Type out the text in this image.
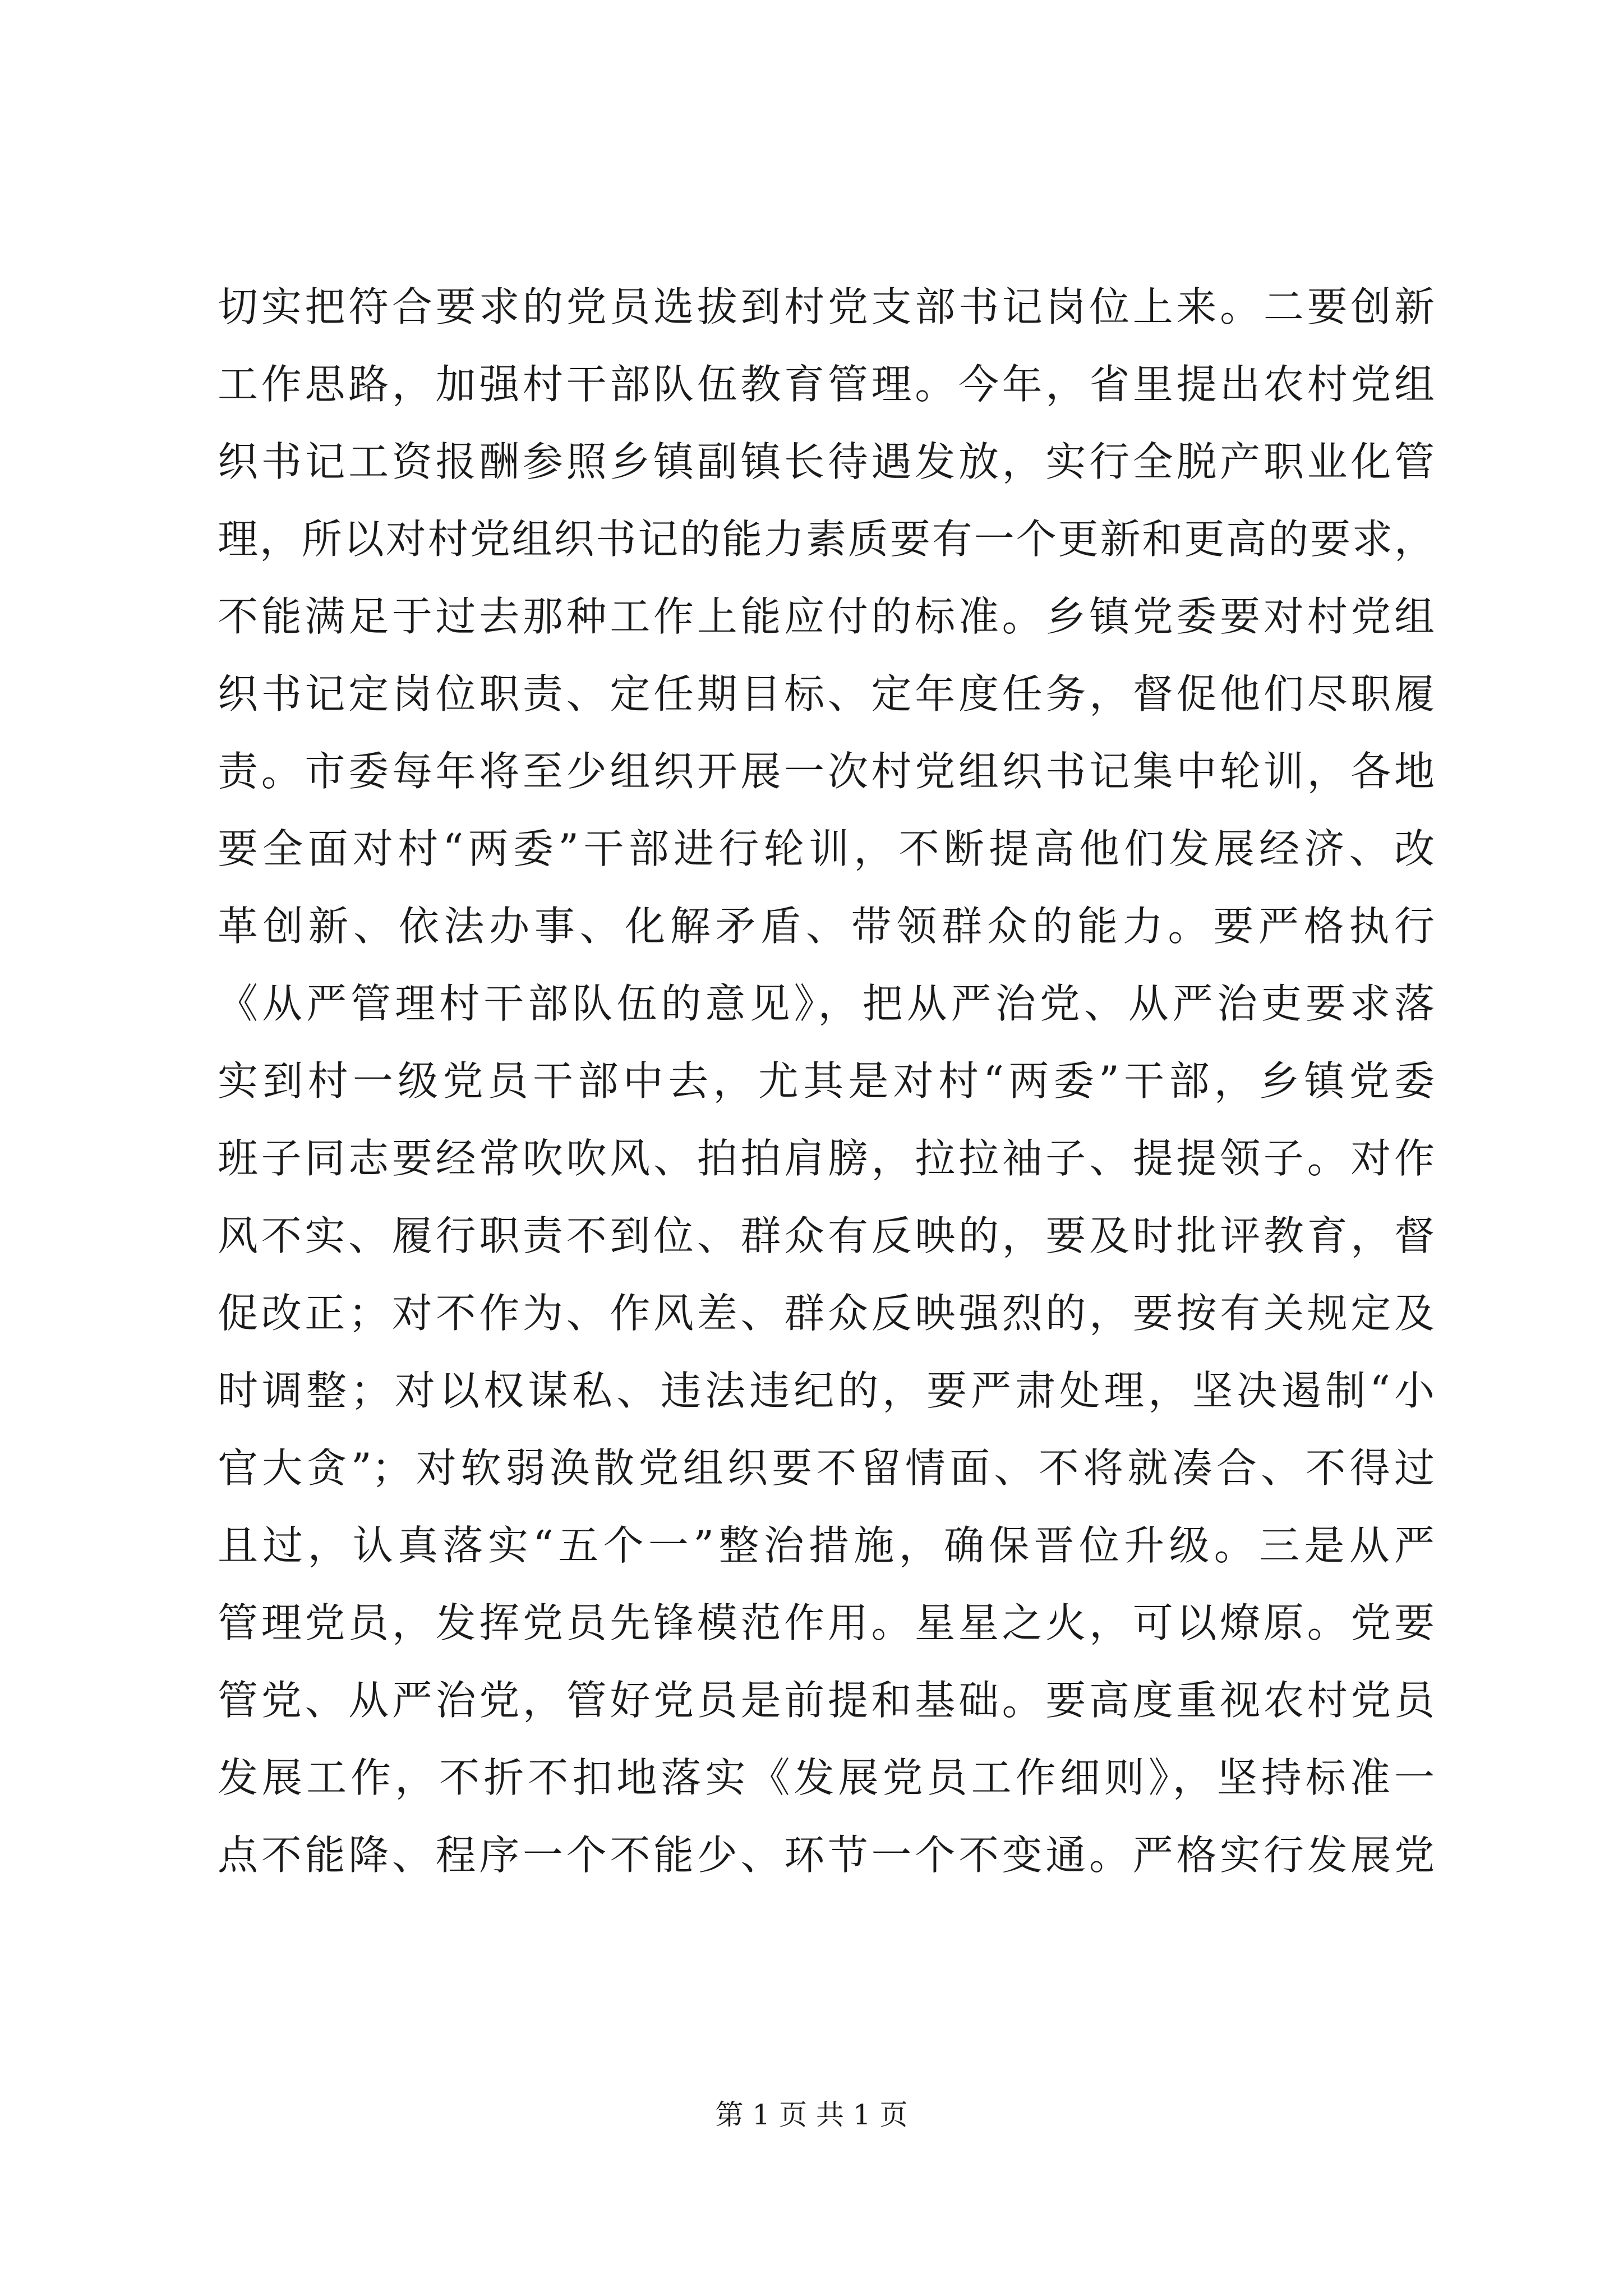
切实把符合要求的党员选拔到村党支部书记岗位上来。二要创新
工作思路，加强村干部队伍教育管理。今年，省里提出农村党组
织书记工资报酬参照乡镇副镇长待遇发放，实行全脱产职业化管
理，所以对村党组织书记的能力素质要有一个更新和更高的要求，
不能满足于过去那种工作上能应付的标准。乡镇党委要对村党组
织书记定岗位职责、定任期目标、定年度任务，督促他们尽职履
责。市委每年将至少组织开展一次村党组织书记集中轮训，各地
要全面对村“两委”干部进行轮训，不断提高他们发展经济、改
革创新、依法办事、化解矛盾、带领群众的能力。要严格执行
《从严管理村干部队伍的意见》，把从严治党、从严治吏要求落
实到村一级党员干部中去，尤其是对村“两委”干部，乡镇党委
班子同志要经常吹吹风、拍拍肩膀，拉拉袖子、提提领子。对作
风不实、履行职责不到位、群众有反映的，要及时批评教育，督
促改正；对不作为、作风差、群众反映强烈的，要按有关规定及
时调整；对以权谋私、违法违纪的，要严肃处理，坚决遏制“小
官大贪”；对软弱涣散党组织要不留情面、不将就凑合、不得过
且过，认真落实“五个一”整治措施，确保晋位升级。三是从严
管理党员，发挥党员先锋模范作用。星星之火，可以燎原。党要
管党、从严治党，管好党员是前提和基础。要高度重视农村党员
发展工作，不折不扣地落实《发展党员工作细则》，坚持标准一
点不能降、程序一个不能少、环节一个不变通。严格实行发展党
第 1 页 共 1 页
